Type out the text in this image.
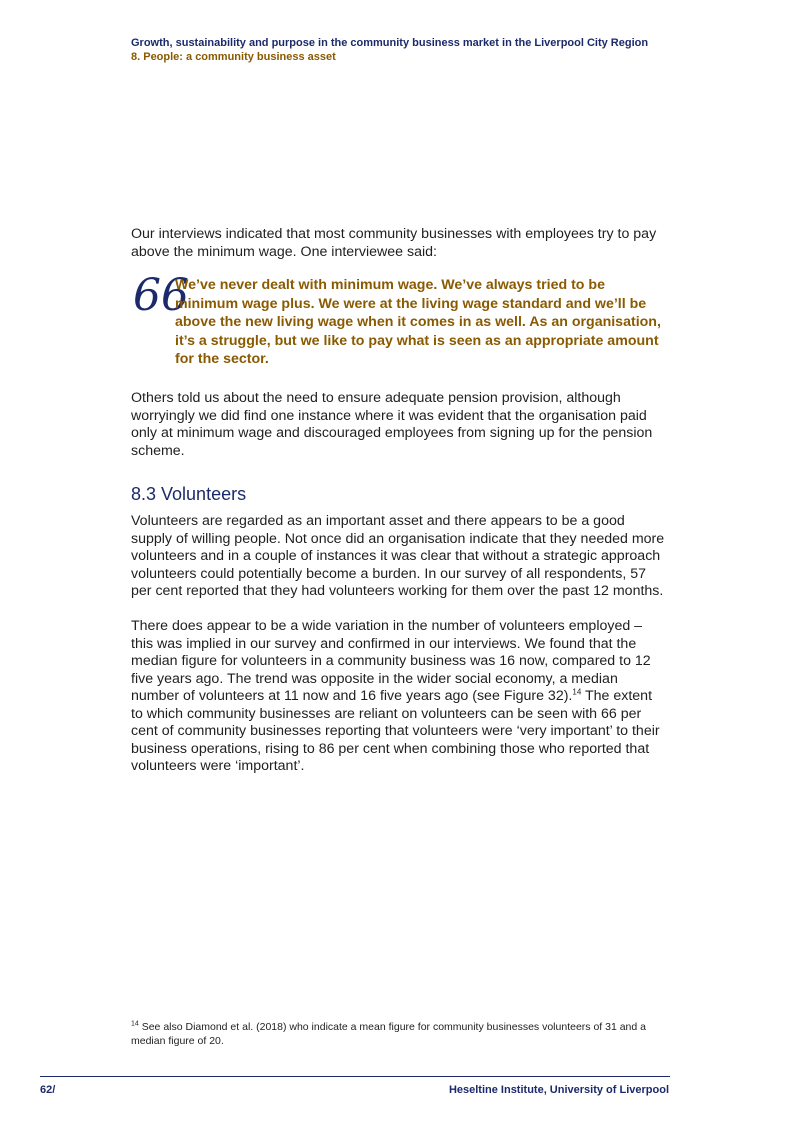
Growth, sustainability and purpose in the community business market in the Liverpool City Region
8. People: a community business asset

Our interviews indicated that most community businesses with employees try to pay above the minimum wage. One interviewee said:

66
We’ve never dealt with minimum wage. We’ve always tried to be minimum wage plus. We were at the living wage standard and we’ll be above the new living wage when it comes in as well. As an organisation, it’s a struggle, but we like to pay what is seen as an appropriate amount for the sector.

Others told us about the need to ensure adequate pension provision, although worryingly we did find one instance where it was evident that the organisation paid only at minimum wage and discouraged employees from signing up for the pension scheme.

8.3 Volunteers

Volunteers are regarded as an important asset and there appears to be a good supply of willing people. Not once did an organisation indicate that they needed more volunteers and in a couple of instances it was clear that without a strategic approach volunteers could potentially become a burden. In our survey of all respondents, 57 per cent reported that they had volunteers working for them over the past 12 months.

There does appear to be a wide variation in the number of volunteers employed – this was implied in our survey and confirmed in our interviews. We found that the median figure for volunteers in a community business was 16 now, compared to 12 five years ago. The trend was opposite in the wider social economy, a median number of volunteers at 11 now and 16 five years ago (see Figure 32).$^{14}$ The extent to which community businesses are reliant on volunteers can be seen with 66 per cent of community businesses reporting that volunteers were ‘very important’ to their business operations, rising to 86 per cent when combining those who reported that volunteers were ‘important’.

$^{14}$ See also Diamond et al. (2018) who indicate a mean figure for community businesses volunteers of 31 and a median figure of 20.
62/	Heseltine Institute, University of Liverpool
